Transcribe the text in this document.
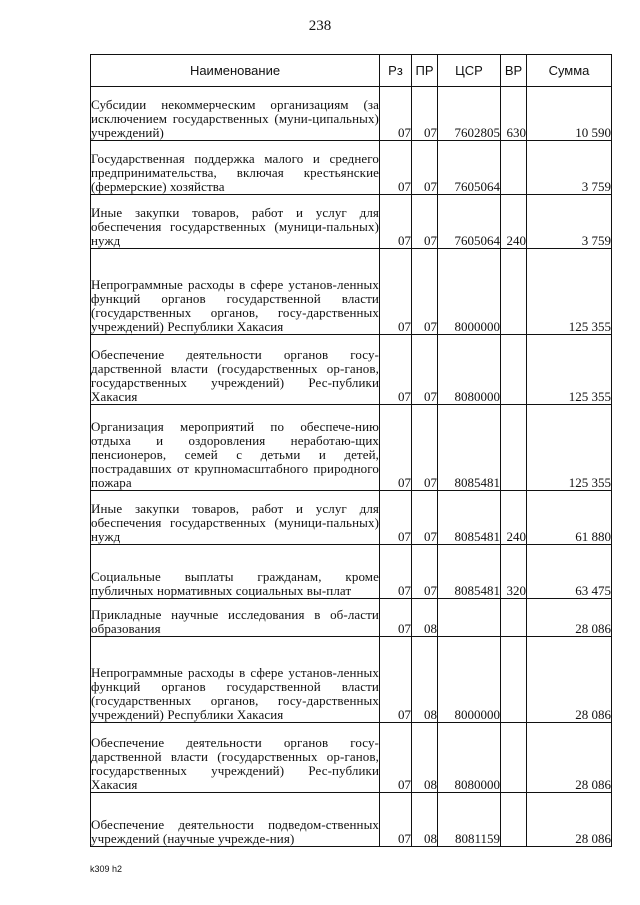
238
Наименование	Рз	ПР	ЦСР	ВР	Сумма
Субсидии некоммерческим организациям (за исключением государственных (муни-ципальных) учреждений)	07	07	7602805	630	10 590
Государственная поддержка малого и среднего предпринимательства, включая крестьянские (фермерские) хозяйства	07	07	7605064		3 759
Иные закупки товаров, работ и услуг для обеспечения государственных (муници-пальных) нужд	07	07	7605064	240	3 759
Непрограммные расходы в сфере установ-ленных функций органов государственной власти (государственных органов, госу-дарственных учреждений) Республики Хакасия	07	07	8000000		125 355
Обеспечение деятельности органов госу-дарственной власти (государственных ор-ганов, государственных учреждений) Рес-публики Хакасия	07	07	8080000		125 355
Организация мероприятий по обеспече-нию отдыха и оздоровления неработаю-щих пенсионеров, семей с детьми и детей, пострадавших от крупномасштабного природного пожара	07	07	8085481		125 355
Иные закупки товаров, работ и услуг для обеспечения государственных (муници-пальных) нужд	07	07	8085481	240	61 880
Социальные выплаты гражданам, кроме публичных нормативных социальных вы-плат	07	07	8085481	320	63 475
Прикладные научные исследования в об-ласти образования	07	08			28 086
Непрограммные расходы в сфере установ-ленных функций органов государственной власти (государственных органов, госу-дарственных учреждений) Республики Хакасия	07	08	8000000		28 086
Обеспечение деятельности органов госу-дарственной власти (государственных ор-ганов, государственных учреждений) Рес-публики Хакасия	07	08	8080000		28 086
Обеспечение деятельности подведом-ственных учреждений (научные учрежде-ния)	07	08	8081159		28 086
k309 h2
